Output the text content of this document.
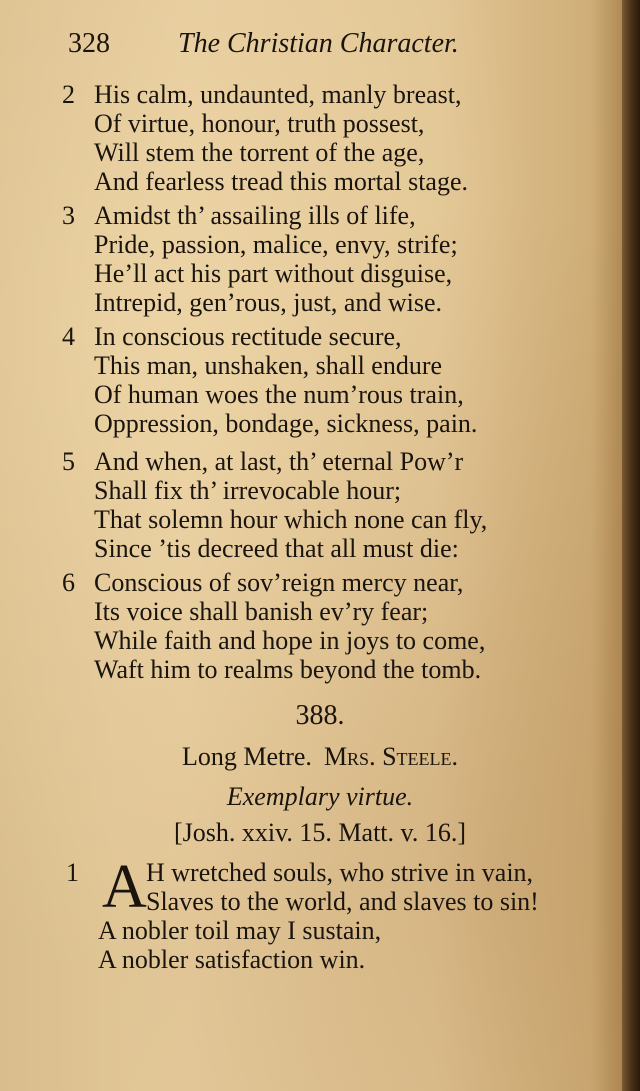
328 The Christian Character.
2 His calm, undaunted, manly breast,
Of virtue, honour, truth possest,
Will stem the torrent of the age,
And fearless tread this mortal stage.
3 Amidst th’ assailing ills of life,
Pride, passion, malice, envy, strife;
He’ll act his part without disguise,
Intrepid, gen’rous, just, and wise.
4 In conscious rectitude secure,
This man, unshaken, shall endure
Of human woes the num’rous train,
Oppression, bondage, sickness, pain.
5 And when, at last, th’ eternal Pow’r
Shall fix th’ irrevocable hour;
That solemn hour which none can fly,
Since ’tis decreed that all must die:
6 Conscious of sov’reign mercy near,
Its voice shall banish ev’ry fear;
While faith and hope in joys to come,
Waft him to realms beyond the tomb.
388.
Long Metre. Mrs. Steele.
Exemplary virtue.
[Josh. xxiv. 15. Matt. v. 16.]
1 A H wretched souls, who strive in vain,
Slaves to the world, and slaves to sin!
A nobler toil may I sustain,
A nobler satisfaction win.
